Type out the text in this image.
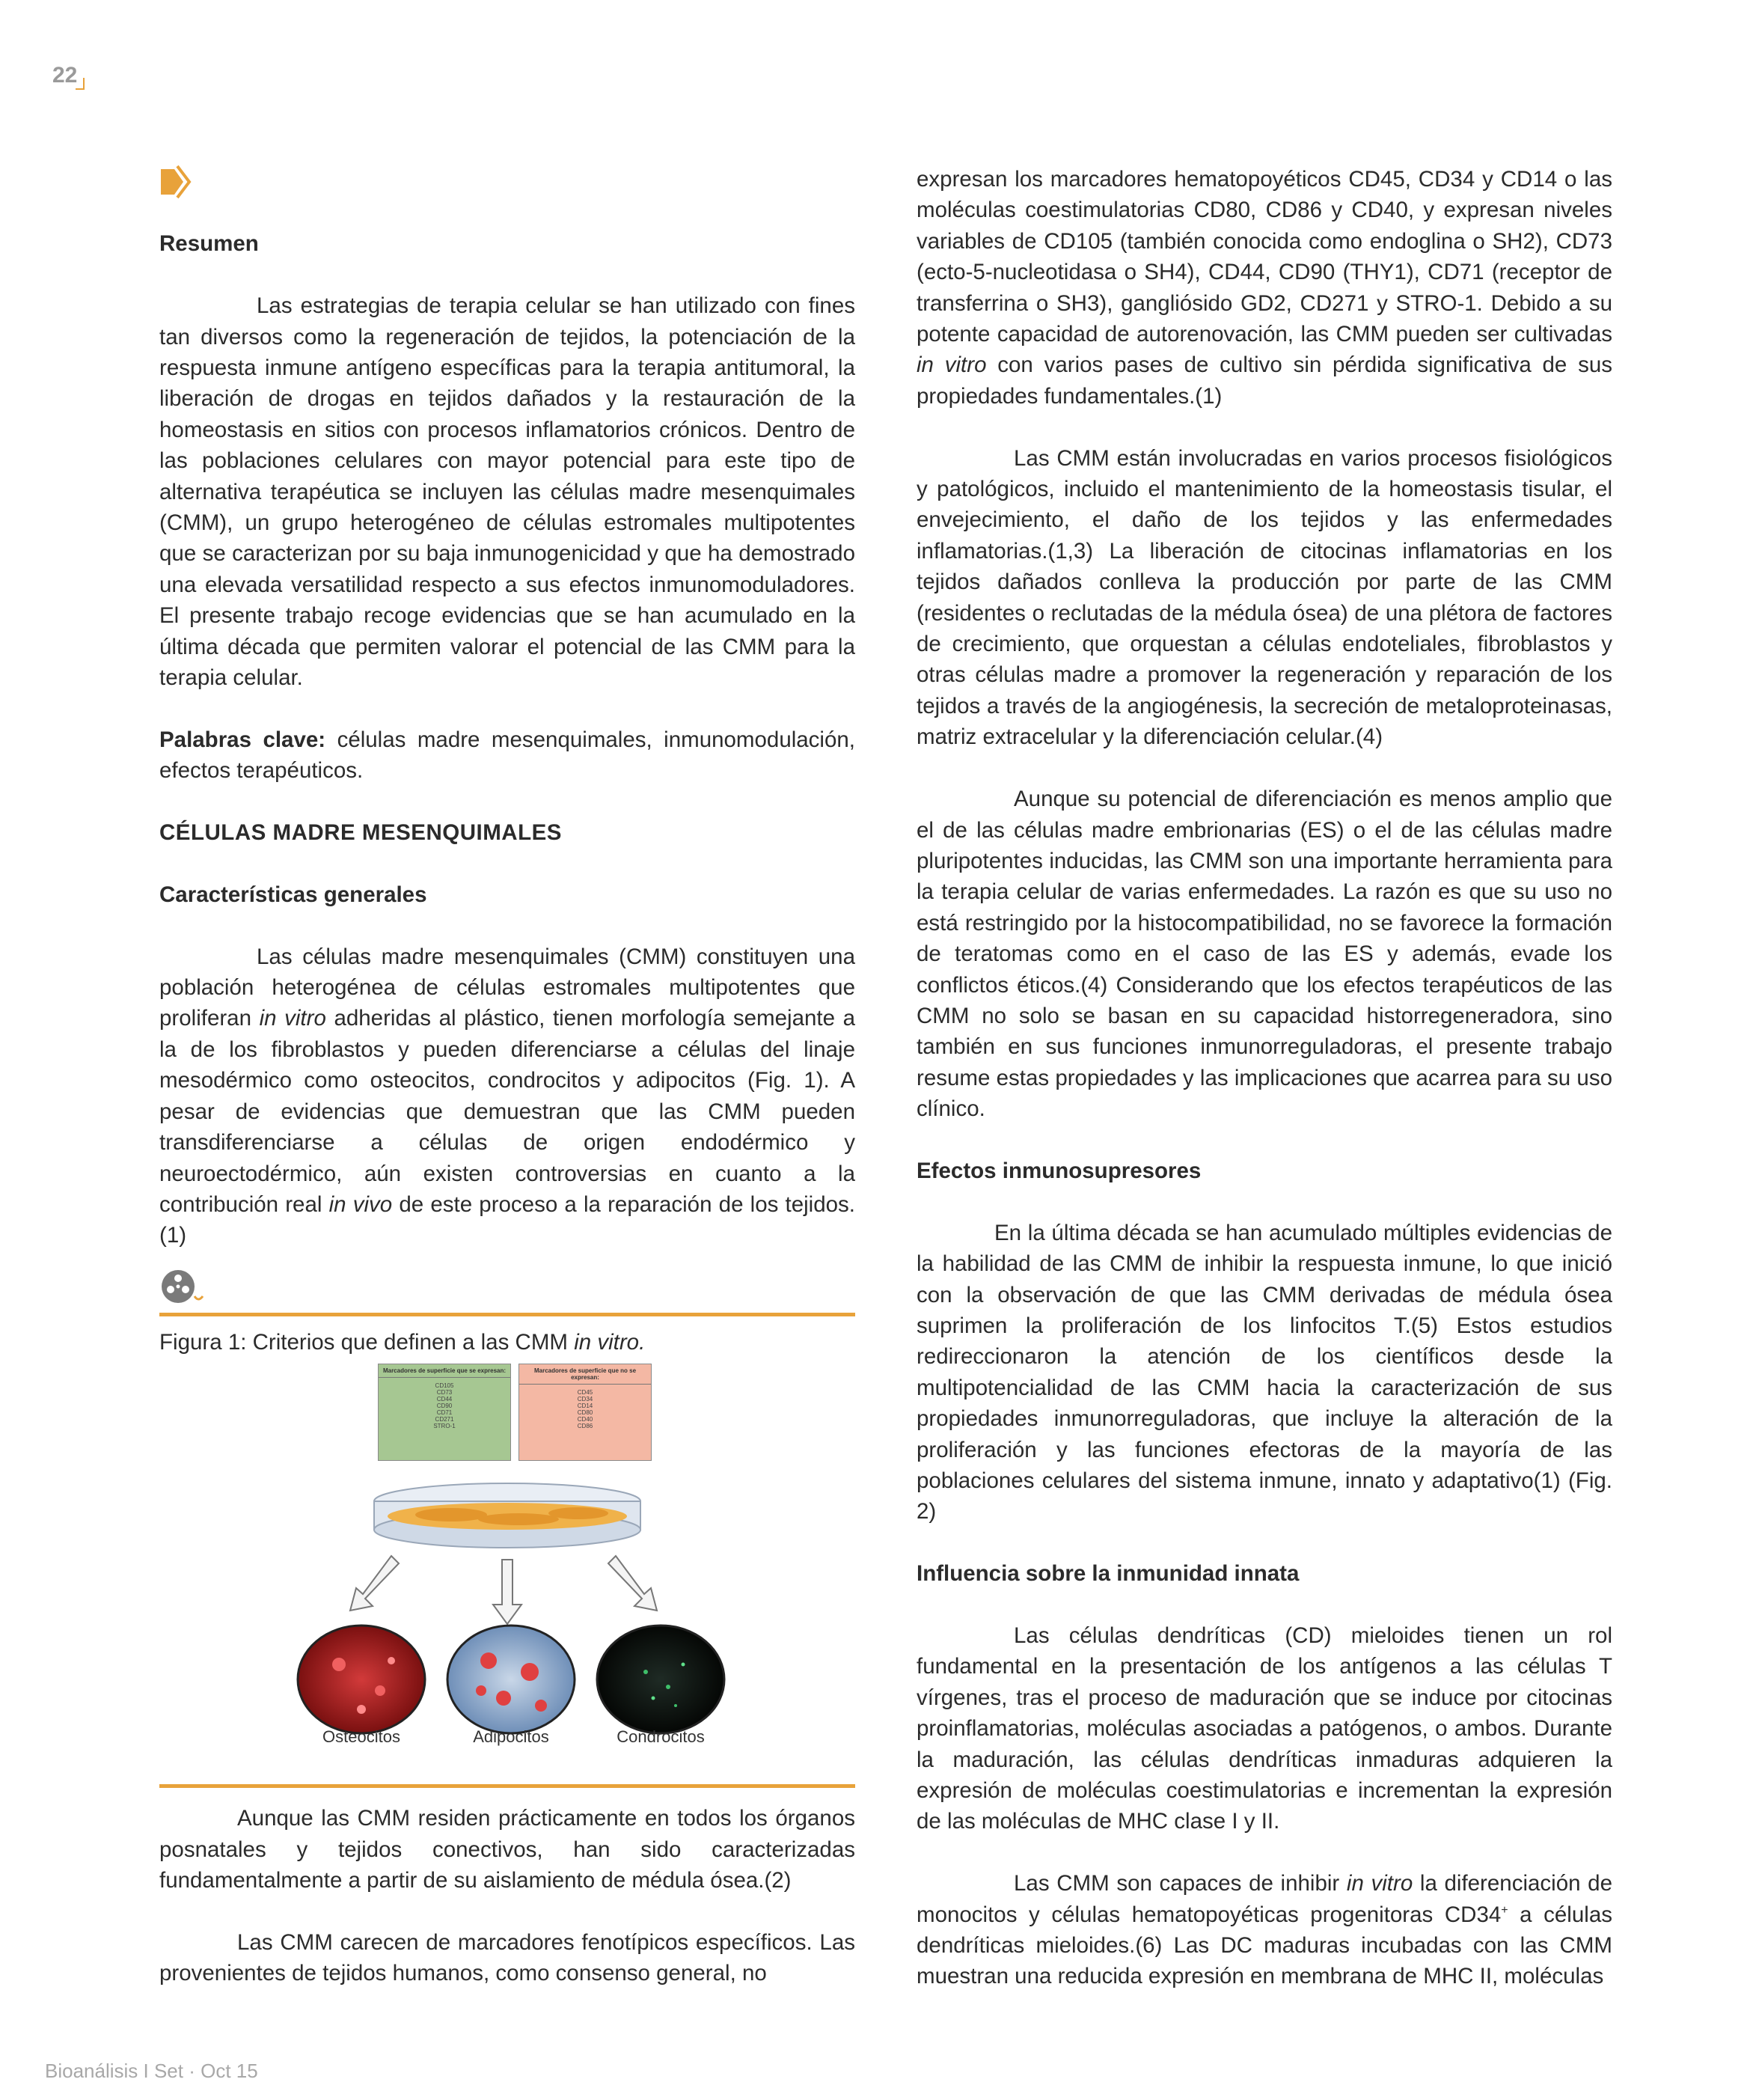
22

Resumen

Las estrategias de terapia celular se han utilizado con fines tan diversos como la regeneración de tejidos, la potenciación de la respuesta inmune antígeno específicas para la terapia antitumoral, la liberación de drogas en tejidos dañados y la restauración de la homeostasis en sitios con procesos inflamatorios crónicos. Dentro de las poblaciones celulares con mayor potencial para este tipo de alternativa terapéutica se incluyen las células madre mesenquimales (CMM), un grupo heterogéneo de células estromales multipotentes que se caracterizan por su baja inmunogenicidad y que ha demostrado una elevada versatilidad respecto a sus efectos inmunomoduladores. El presente trabajo recoge evidencias que se han acumulado en la última década que permiten valorar el potencial de las CMM para la terapia celular.

Palabras clave: células madre mesenquimales, inmunomodulación, efectos terapéuticos.

CÉLULAS MADRE MESENQUIMALES

Características generales

Las células madre mesenquimales (CMM) constituyen una población heterogénea de células estromales multipotentes que proliferan in vitro adheridas al plástico, tienen morfología semejante a la de los fibroblastos y pueden diferenciarse a células del linaje mesodérmico como osteocitos, condrocitos y adipocitos (Fig. 1). A pesar de evidencias que demuestran que las CMM pueden transdiferenciarse a células de origen endodérmico y neuroectodérmico, aún existen controversias en cuanto a la contribución real in vivo de este proceso a la reparación de los tejidos. (1)

Figura 1: Criterios que definen a las CMM in vitro.

Marcadores de superficie que se expresan:
CD105
CD73
CD44
CD90
CD71
CD271
STRO-1
Marcadores de superficie que no se expresan:
CD45
CD34
CD14
CD80
CD40
CD86
Osteocitos	Adipocitos	Condrocitos

Aunque las CMM residen prácticamente en todos los órganos posnatales y tejidos conectivos, han sido caracterizadas fundamentalmente a partir de su aislamiento de médula ósea.(2)

Las CMM carecen de marcadores fenotípicos específicos. Las provenientes de tejidos humanos, como consenso general, no

expresan los marcadores hematopoyéticos CD45, CD34 y CD14 o las moléculas coestimulatorias CD80, CD86 y CD40, y expresan niveles variables de CD105 (también conocida como endoglina o SH2), CD73 (ecto-5-nucleotidasa o SH4), CD44, CD90 (THY1), CD71 (receptor de transferrina o SH3), gangliósido GD2, CD271 y STRO-1. Debido a su potente capacidad de autorenovación, las CMM pueden ser cultivadas in vitro con varios pases de cultivo sin pérdida significativa de sus propiedades fundamentales.(1)

Las CMM están involucradas en varios procesos fisiológicos y patológicos, incluido el mantenimiento de la homeostasis tisular, el envejecimiento, el daño de los tejidos y las enfermedades inflamatorias.(1,3) La liberación de citocinas inflamatorias en los tejidos dañados conlleva la producción por parte de las CMM (residentes o reclutadas de la médula ósea) de una plétora de factores de crecimiento, que orquestan a células endoteliales, fibroblastos y otras células madre a promover la regeneración y reparación de los tejidos a través de la angiogénesis, la secreción de metaloproteinasas, matriz extracelular y la diferenciación celular.(4)

Aunque su potencial de diferenciación es menos amplio que el de las células madre embrionarias (ES) o el de las células madre pluripotentes inducidas, las CMM son una importante herramienta para la terapia celular de varias enfermedades. La razón es que su uso no está restringido por la histocompatibilidad, no se favorece la formación de teratomas como en el caso de las ES y además, evade los conflictos éticos.(4) Considerando que los efectos terapéuticos de las CMM no solo se basan en su capacidad historregeneradora, sino también en sus funciones inmunorreguladoras, el presente trabajo resume estas propiedades y las implicaciones que acarrea para su uso clínico.

Efectos inmunosupresores

En la última década se han acumulado múltiples evidencias de la habilidad de las CMM de inhibir la respuesta inmune, lo que inició con la observación de que las CMM derivadas de médula ósea suprimen la proliferación de los linfocitos T.(5) Estos estudios redireccionaron la atención de los científicos desde la multipotencialidad de las CMM hacia la caracterización de sus propiedades inmunorreguladoras, que incluye la alteración de la proliferación y las funciones efectoras de la mayoría de las poblaciones celulares del sistema inmune, innato y adaptativo(1) (Fig. 2)

Influencia sobre la inmunidad innata

Las células dendríticas (CD) mieloides tienen un rol fundamental en la presentación de los antígenos a las células T vírgenes, tras el proceso de maduración que se induce por citocinas proinflamatorias, moléculas asociadas a patógenos, o ambos. Durante la maduración, las células dendríticas inmaduras adquieren la expresión de moléculas coestimulatorias e incrementan la expresión de las moléculas de MHC clase I y II.

Las CMM son capaces de inhibir in vitro la diferenciación de monocitos y células hematopoyéticas progenitoras CD34+ a células dendríticas mieloides.(6) Las DC maduras incubadas con las CMM muestran una reducida expresión en membrana de MHC II, moléculas

Bioanálisis I Set · Oct 15
